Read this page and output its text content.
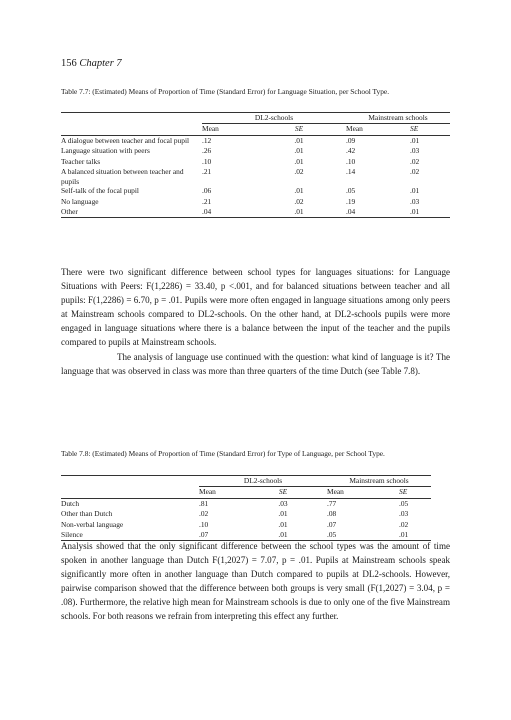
156 Chapter 7
Table 7.7: (Estimated) Means of Proportion of Time (Standard Error) for Language Situation, per School Type.
	DL2-schools		Mainstream schools	
	Mean	SE	Mean	SE
A dialogue between teacher and focal pupil	.12	.01	.09	.01
Language situation with peers	.26	.01	.42	.03
Teacher talks	.10	.01	.10	.02
A balanced situation between teacher and pupils	.21	.02	.14	.02
Self-talk of the focal pupil	.06	.01	.05	.01
No language	.21	.02	.19	.03
Other	.04	.01	.04	.01

There were two significant difference between school types for languages situations: for Language Situations with Peers: F(1,2286) = 33.40, p <.001, and for balanced situations between teacher and all pupils: F(1,2286) = 6.70, p = .01. Pupils were more often engaged in language situations among only peers at Mainstream schools compared to DL2-schools. On the other hand, at DL2-schools pupils were more engaged in language situations where there is a balance between the input of the teacher and the pupils compared to pupils at Mainstream schools.

The analysis of language use continued with the question: what kind of language is it? The language that was observed in class was more than three quarters of the time Dutch (see Table 7.8).

Table 7.8: (Estimated) Means of Proportion of Time (Standard Error) for Type of Language, per School Type.
	DL2-schools		Mainstream schools	
	Mean	SE	Mean	SE
Dutch	.81	.03	.77	.05
Other than Dutch	.02	.01	.08	.03
Non-verbal language	.10	.01	.07	.02
Silence	.07	.01	.05	.01

Analysis showed that the only significant difference between the school types was the amount of time spoken in another language than Dutch F(1,2027) = 7.07, p = .01. Pupils at Mainstream schools speak significantly more often in another language than Dutch compared to pupils at DL2-schools. However, pairwise comparison showed that the difference between both groups is very small (F(1,2027) = 3.04, p = .08). Furthermore, the relative high mean for Mainstream schools is due to only one of the five Mainstream schools. For both reasons we refrain from interpreting this effect any further.
